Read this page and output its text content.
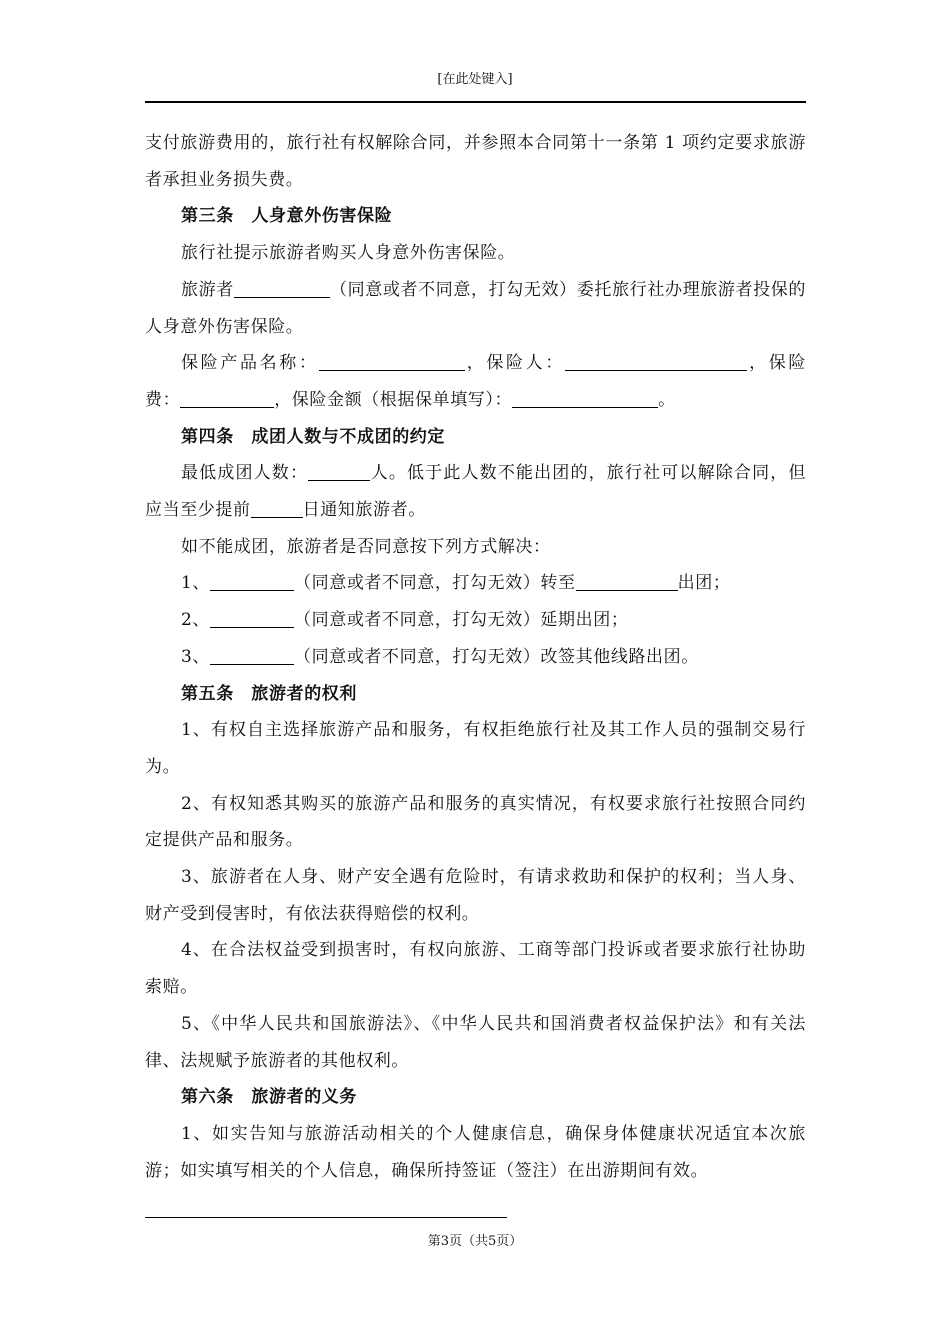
[在此处键入]

支付旅游费用的，旅行社有权解除合同，并参照本合同第十一条第 1 项约定要求旅游者承担业务损失费。

第三条　人身意外伤害保险

旅行社提示旅游者购买人身意外伤害保险。

旅游者	（同意或者不同意，打勾无效）委托旅行社办理旅游者投保的人身意外伤害保险。

保险产品名称：	，保险人：	，保险费：	，保险金额（根据保单填写）：	。

第四条　成团人数与不成团的约定

最低成团人数：	人。低于此人数不能出团的，旅行社可以解除合同，但应当至少提前	日通知旅游者。

如不能成团，旅游者是否同意按下列方式解决：

1、	（同意或者不同意，打勾无效）转至	出团；

2、	（同意或者不同意，打勾无效）延期出团；

3、	（同意或者不同意，打勾无效）改签其他线路出团。

第五条　旅游者的权利

1、有权自主选择旅游产品和服务，有权拒绝旅行社及其工作人员的强制交易行为。

2、有权知悉其购买的旅游产品和服务的真实情况，有权要求旅行社按照合同约定提供产品和服务。

3、旅游者在人身、财产安全遇有危险时，有请求救助和保护的权利；当人身、财产受到侵害时，有依法获得赔偿的权利。

4、在合法权益受到损害时，有权向旅游、工商等部门投诉或者要求旅行社协助索赔。

5、《中华人民共和国旅游法》、《中华人民共和国消费者权益保护法》和有关法律、法规赋予旅游者的其他权利。

第六条　旅游者的义务

1、如实告知与旅游活动相关的个人健康信息，确保身体健康状况适宜本次旅游；如实填写相关的个人信息，确保所持签证（签注）在出游期间有效。

第3页（共5页）
